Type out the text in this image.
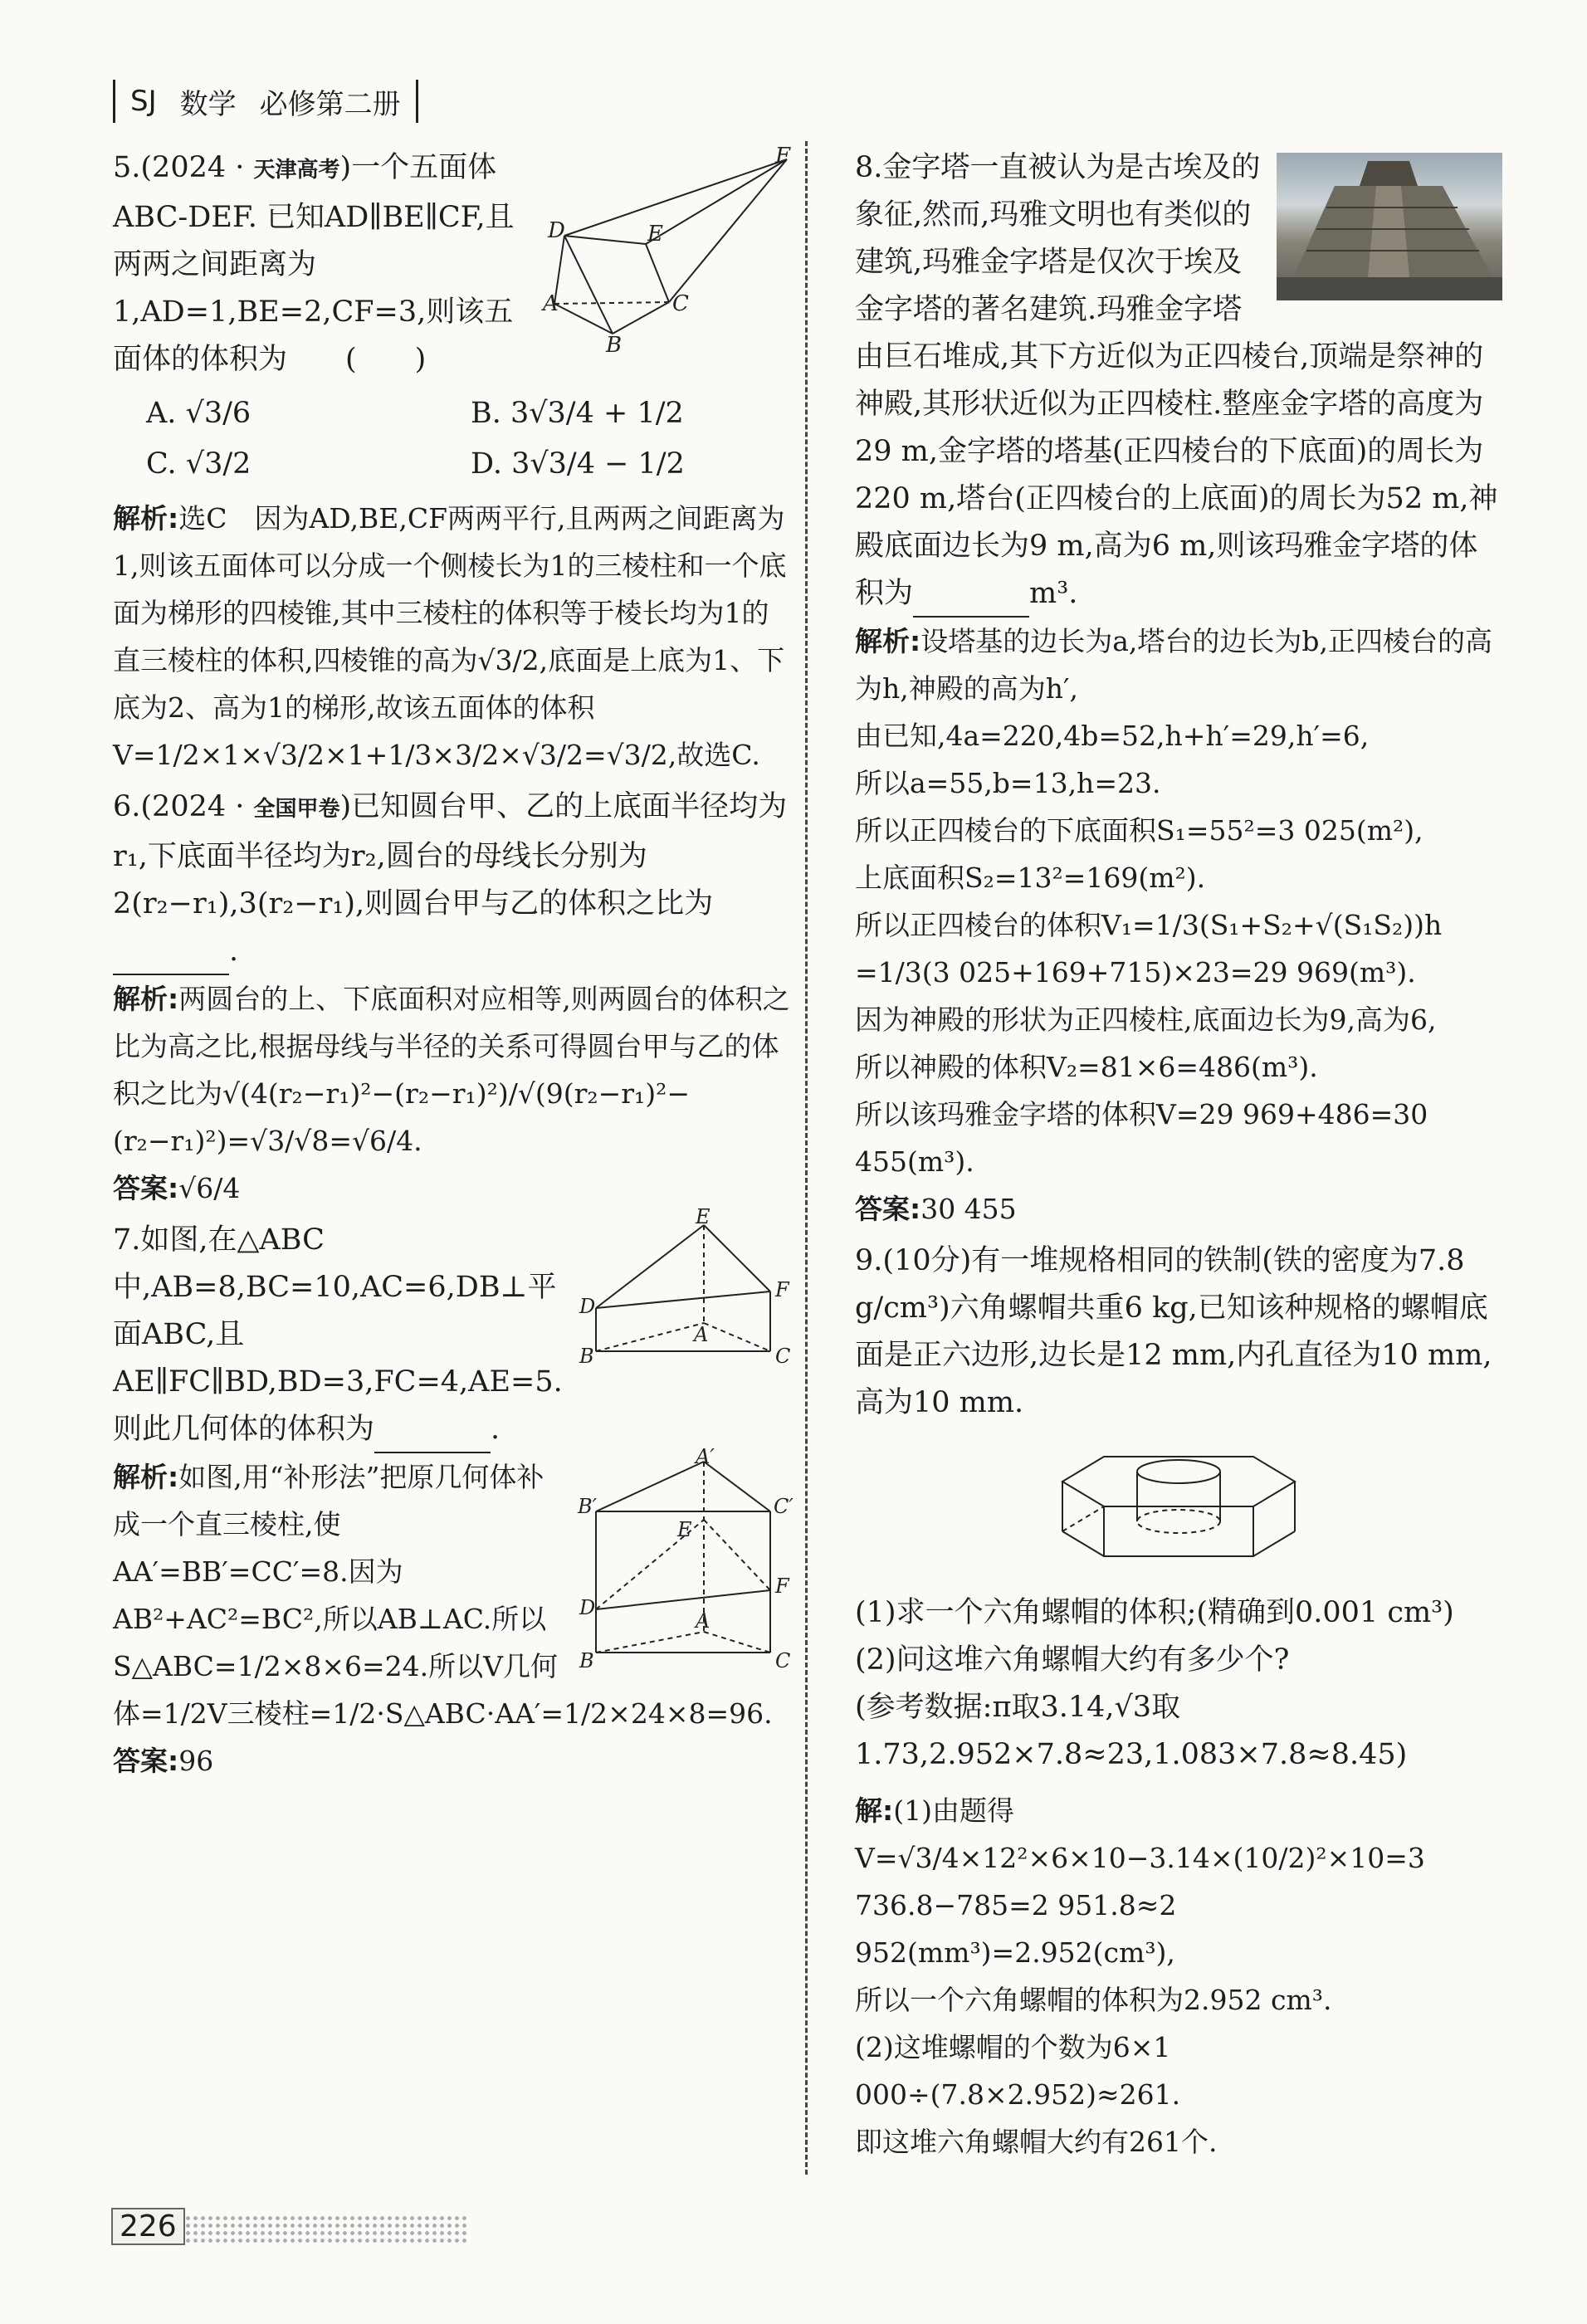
SJ 数学 必修第二册
F
D	E
A	C
B

5.(2024 · 天津高考)一个五面体ABC-DEF. 已知AD∥BE∥CF,且两两之间距离为1,AD=1,BE=2,CF=3,则该五面体的体积为　　(　　)

A. √3/6	B. 3√3/4 + 1/2
C. √3/2	D. 3√3/4 − 1/2

解析:选C　因为AD,BE,CF两两平行,且两两之间距离为1,则该五面体可以分成一个侧棱长为1的三棱柱和一个底面为梯形的四棱锥,其中三棱柱的体积等于棱长均为1的直三棱柱的体积,四棱锥的高为√3/2,底面是上底为1、下底为2、高为1的梯形,故该五面体的体积V=1/2×1×√3/2×1+1/3×3/2×√3/2=√3/2,故选C.

6.(2024 · 全国甲卷)已知圆台甲、乙的上底面半径均为r₁,下底面半径均为r₂,圆台的母线长分别为2(r₂−r₁),3(r₂−r₁),则圆台甲与乙的体积之比为.

解析:两圆台的上、下底面积对应相等,则两圆台的体积之比为高之比,根据母线与半径的关系可得圆台甲与乙的体积之比为√(4(r₂−r₁)²−(r₂−r₁)²)/√(9(r₂−r₁)²−(r₂−r₁)²)=√3/√8=√6/4.

答案:√6/4

E
D
F
A
B	C

7.如图,在△ABC中,AB=8,BC=10,AC=6,DB⊥平面ABC,且AE∥FC∥BD,BD=3,FC=4,AE=5.则此几何体的体积为	.

A′
B′	C′
E
F
D
A
B	C

解析:如图,用“补形法”把原几何体补成一个直三棱柱,使AA′=BB′=CC′=8.因为AB²+AC²=BC²,所以AB⊥AC.所以S△ABC=1/2×8×6=24.所以V几何体=1/2V三棱柱=1/2·S△ABC·AA′=1/2×24×8=96.

答案:96

8.金字塔一直被认为是古埃及的象征,然而,玛雅文明也有类似的建筑,玛雅金字塔是仅次于埃及金字塔的著名建筑.玛雅金字塔由巨石堆成,其下方近似为正四棱台,顶端是祭神的神殿,其形状近似为正四棱柱.整座金字塔的高度为29 m,金字塔的塔基(正四棱台的下底面)的周长为220 m,塔台(正四棱台的上底面)的周长为52 m,神殿底面边长为9 m,高为6 m,则该玛雅金字塔的体积为	m³.

解析:设塔基的边长为a,塔台的边长为b,正四棱台的高为h,神殿的高为h′,

由已知,4a=220,4b=52,h+h′=29,h′=6,

所以a=55,b=13,h=23.

所以正四棱台的下底面积S₁=55²=3 025(m²),

上底面积S₂=13²=169(m²).

所以正四棱台的体积V₁=1/3(S₁+S₂+√(S₁S₂))h

=1/3(3 025+169+715)×23=29 969(m³).

因为神殿的形状为正四棱柱,底面边长为9,高为6,

所以神殿的体积V₂=81×6=486(m³).

所以该玛雅金字塔的体积V=29 969+486=30 455(m³).

答案:30 455

9.(10分)有一堆规格相同的铁制(铁的密度为7.8 g/cm³)六角螺帽共重6 kg,已知该种规格的螺帽底面是正六边形,边长是12 mm,内孔直径为10 mm,高为10 mm.

(1)求一个六角螺帽的体积;(精确到0.001 cm³)

(2)问这堆六角螺帽大约有多少个?

(参考数据:π取3.14,√3取1.73,2.952×7.8≈23,1.083×7.8≈8.45)

解:(1)由题得V=√3/4×12²×6×10−3.14×(10/2)²×10=3 736.8−785=2 951.8≈2 952(mm³)=2.952(cm³),

所以一个六角螺帽的体积为2.952 cm³.

(2)这堆螺帽的个数为6×1 000÷(7.8×2.952)≈261.

即这堆六角螺帽大约有261个.

226
